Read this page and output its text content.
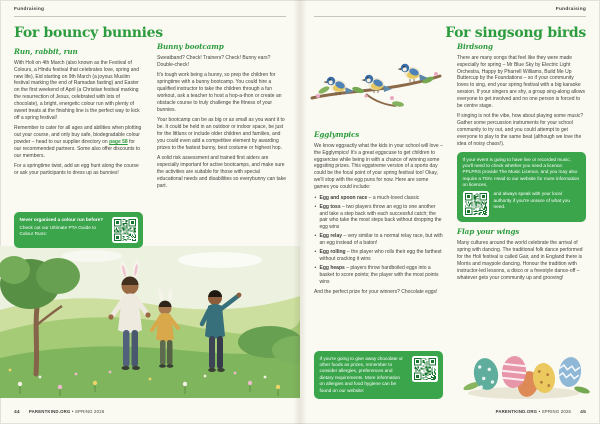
Fundraising
For bouncy bunnies
Run, rabbit, run

With Holi on 4th March (also known as the Festival of Colours, a Hindu festival that celebrates love, spring and new life), Eid starting on 9th March (a joyous Muslim festival marking the end of Ramadan fasting) and Easter on the first weekend of April (a Christian festival marking the resurrection of Jesus, celebrated with lots of chocolate), a bright, energetic colour run with plenty of sweet treats at the finishing line is the perfect way to kick off a spring festival!

Remember to cater for all ages and abilities when plotting out your course, and only buy safe, biodegradable colour powder – head to our supplier directory on page 58 for our recommended partners. Some also offer discounts to our members.

For a springtime twist, add an egg hunt along the course or ask your participants to dress up as bunnies!

Never organised a colour run before?
Check out our Ultimate PTA Guide to Colour Runs:
Bunny bootcamp

Sweatband? Check! Trainers? Check! Bunny ears? Double-check!

It's tough work being a bunny, so prep the children for springtime with a bunny bootcamp. You could hire a qualified instructor to take the children through a fun workout, ask a teacher to host a hop-a-thon or create an obstacle course to truly challenge the fitness of your bunnies.

Your bootcamp can be as big or as small as you want it to be. It could be held in an outdoor or indoor space, be just for the littluns or include older children and families, and you could even add a competitive element by awarding prizes to the fastest bunny, best costume or highest hop.

A solid risk assessment and trained first aiders are especially important for active bootcamps, and make sure the activities are suitable for those with special educational needs and disabilities so everybunny can take part.

44 PARENTKIND.ORG • SPRING 2026
Fundraising
For singsong birds
Egglympics

We know eggsactly what the kids in your school will love – the Egglympics! It's a great eggscuse to get children to eggsercise while being in with a chance of winning some eggsiting prizes. This eggstreme version of a sports day could be the focal point of your spring festival too! Okay, we'll stop with the egg puns for now. Here are some games you could include:

• Egg and spoon race – a much-loved classic
• Egg toss – two players throw an egg to one another and take a step back with each successful catch; the pair who take the most steps back without dropping the egg wins
• Egg relay – very similar to a normal relay race, but with an egg instead of a baton!
• Egg rolling – the player who rolls their egg the farthest without cracking it wins
• Egg heaps – players throw hardboiled eggs into a basket to score points; the player with the most points wins

And the perfect prize for your winners? Chocolate eggs!

If you're going to give away chocolate or other foods as prizes, remember to consider allergies, preferences and dietary requirements. More information on allergies and food hygiene can be found on our website:
Birdsong

There are many songs that feel like they were made especially for spring – Mr Blue Sky by Electric Light Orchestra, Happy by Pharrell Williams, Build Me Up Buttercup by the Foundations – so if your community loves to sing, end your spring festival with a big karaoke session. If your singers are shy, a group sing-along allows everyone to get involved and no one person is forced to be centre stage.

If singing is not the vibe, how about playing some music? Gather some percussion instruments for your school community to try out, and you could attempt to get everyone to play to the same beat (although we love the idea of noisy chaos!).

If your event is going to have live or recorded music, you'll need to check whether you need a licence. PPLPRS provide The Music Licence, and you may also require a TEN. Head to our website for more information on licences,

and always speak with your local authority if you're unsure of what you need.
Flap your wings

Many cultures around the world celebrate the arrival of spring with dancing. The traditional folk dance performed for the Holi festival is called Gair, and in England there is Morris and maypole dancing. Honour the tradition with instructor-led lessons, a disco or a freestyle dance-off – whatever gets your community up and grooving!

PARENTKIND.ORG • SPRING 2026 45
